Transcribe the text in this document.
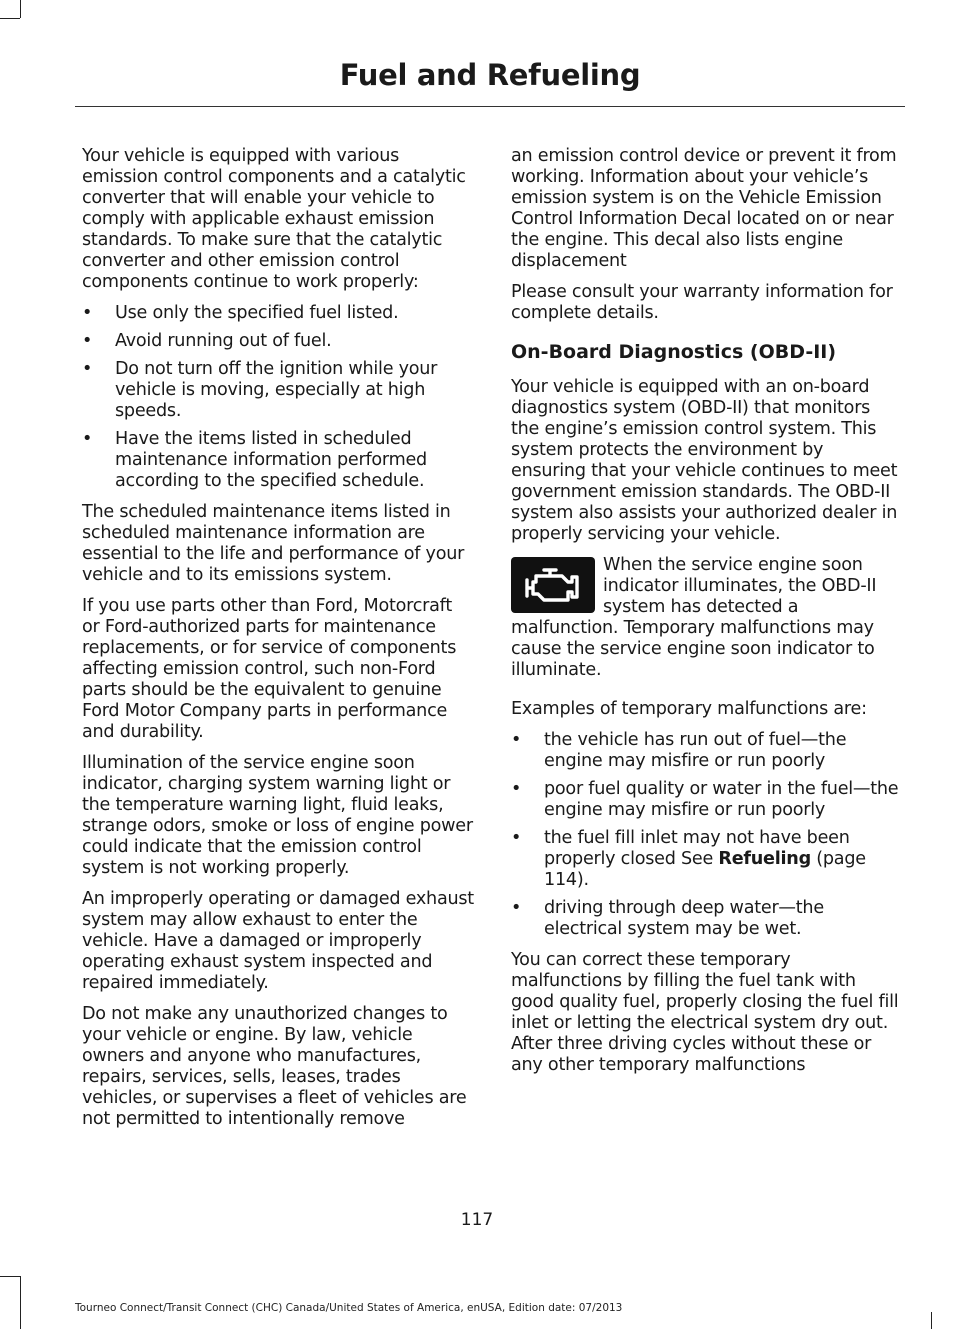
Fuel and Refueling

Your vehicle is equipped with various emission control components and a catalytic converter that will enable your vehicle to comply with applicable exhaust emission standards. To make sure that the catalytic converter and other emission control components continue to work properly:

• Use only the specified fuel listed.
• Avoid running out of fuel.
• Do not turn off the ignition while your vehicle is moving, especially at high speeds.
• Have the items listed in scheduled maintenance information performed according to the specified schedule.

The scheduled maintenance items listed in scheduled maintenance information are essential to the life and performance of your vehicle and to its emissions system.

If you use parts other than Ford, Motorcraft or Ford-authorized parts for maintenance replacements, or for service of components affecting emission control, such non-Ford parts should be the equivalent to genuine Ford Motor Company parts in performance and durability.

Illumination of the service engine soon indicator, charging system warning light or the temperature warning light, fluid leaks, strange odors, smoke or loss of engine power could indicate that the emission control system is not working properly.

An improperly operating or damaged exhaust system may allow exhaust to enter the vehicle. Have a damaged or improperly operating exhaust system inspected and repaired immediately.

Do not make any unauthorized changes to your vehicle or engine. By law, vehicle owners and anyone who manufactures, repairs, services, sells, leases, trades vehicles, or supervises a fleet of vehicles are not permitted to intentionally remove

an emission control device or prevent it from working. Information about your vehicle’s emission system is on the Vehicle Emission Control Information Decal located on or near the engine. This decal also lists engine displacement

Please consult your warranty information for complete details.

On-Board Diagnostics (OBD-II)

Your vehicle is equipped with an on-board diagnostics system (OBD-II) that monitors the engine’s emission control system. This system protects the environment by ensuring that your vehicle continues to meet government emission standards. The OBD-II system also assists your authorized dealer in properly servicing your vehicle.

When the service engine soon indicator illuminates, the OBD-II system has detected a malfunction. Temporary malfunctions may cause the service engine soon indicator to illuminate.

Examples of temporary malfunctions are:

• the vehicle has run out of fuel—the engine may misfire or run poorly
• poor fuel quality or water in the fuel—the engine may misfire or run poorly
• the fuel fill inlet may not have been properly closed See Refueling (page 114).
• driving through deep water—the electrical system may be wet.

You can correct these temporary malfunctions by filling the fuel tank with good quality fuel, properly closing the fuel fill inlet or letting the electrical system dry out. After three driving cycles without these or any other temporary malfunctions

117
Tourneo Connect/Transit Connect (CHC) Canada/United States of America, enUSA, Edition date: 07/2013
